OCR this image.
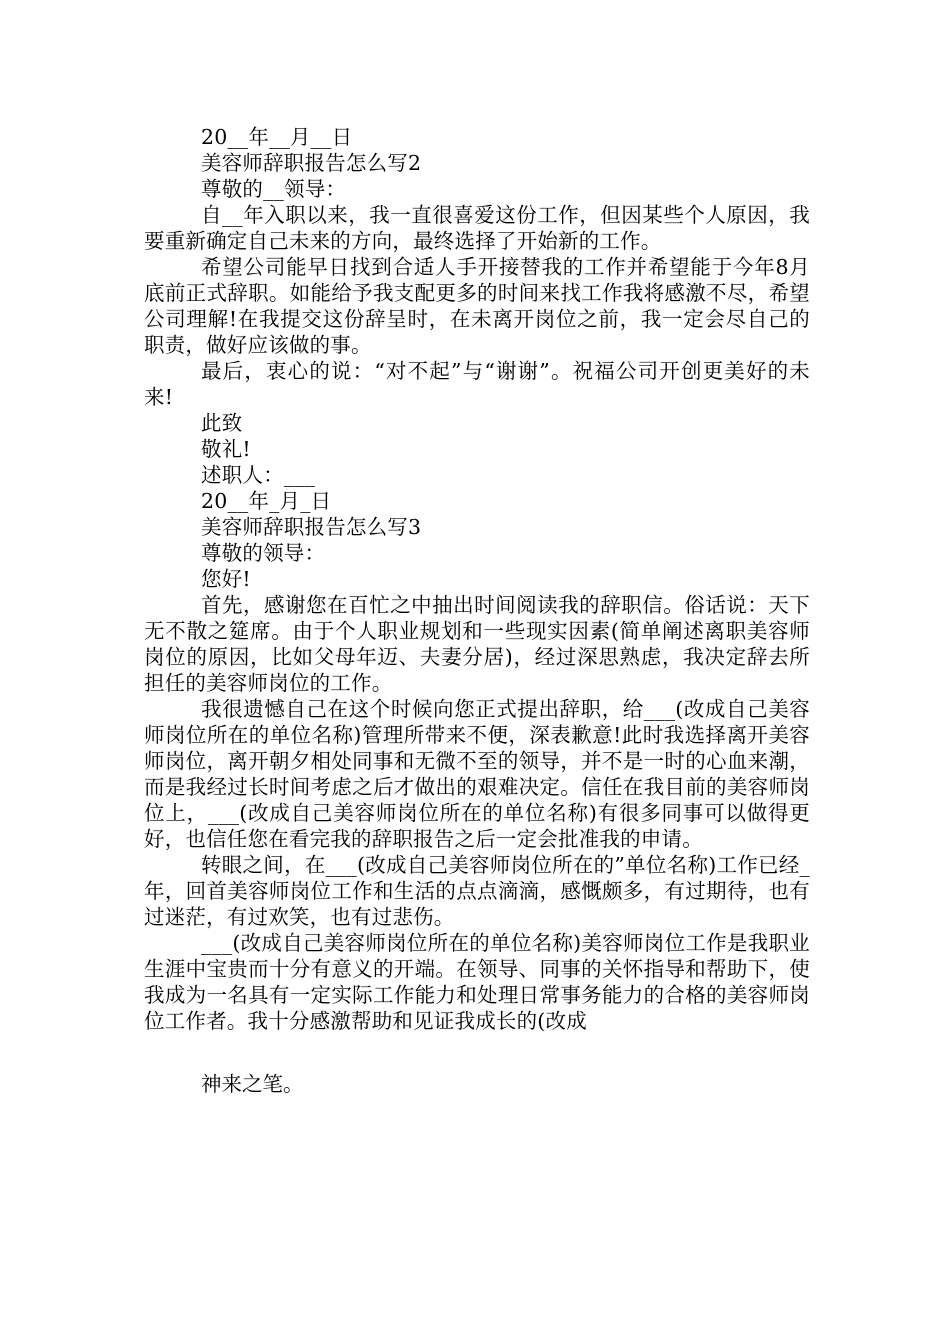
20__年__月__日

美容师辞职报告怎么写2

尊敬的__领导：

自__年入职以来，我一直很喜爱这份工作，但因某些个人原因，我要重新确定自己未来的方向，最终选择了开始新的工作。

希望公司能早日找到合适人手开接替我的工作并希望能于今年8月底前正式辞职。如能给予我支配更多的时间来找工作我将感激不尽，希望公司理解!在我提交这份辞呈时，在未离开岗位之前，我一定会尽自己的职责，做好应该做的事。

最后，衷心的说：“对不起”与“谢谢”。祝福公司开创更美好的未来!

此致

敬礼!

述职人：___

20__年_月_日

美容师辞职报告怎么写3

尊敬的领导：

您好!

首先，感谢您在百忙之中抽出时间阅读我的辞职信。俗话说：天下无不散之筵席。由于个人职业规划和一些现实因素(简单阐述离职美容师岗位的原因，比如父母年迈、夫妻分居)，经过深思熟虑，我决定辞去所担任的美容师岗位的工作。

我很遗憾自己在这个时候向您正式提出辞职，给___(改成自己美容师岗位所在的单位名称)管理所带来不便，深表歉意!此时我选择离开美容师岗位，离开朝夕相处同事和无微不至的领导，并不是一时的心血来潮，而是我经过长时间考虑之后才做出的艰难决定。信任在我目前的美容师岗位上，___(改成自己美容师岗位所在的单位名称)有很多同事可以做得更好，也信任您在看完我的辞职报告之后一定会批准我的申请。

转眼之间，在___(改成自己美容师岗位所在的”单位名称)工作已经_年，回首美容师岗位工作和生活的点点滴滴，感慨颇多，有过期待，也有过迷茫，有过欢笑，也有过悲伤。

___(改成自己美容师岗位所在的单位名称)美容师岗位工作是我职业生涯中宝贵而十分有意义的开端。在领导、同事的关怀指导和帮助下，使我成为一名具有一定实际工作能力和处理日常事务能力的合格的美容师岗位工作者。我十分感激帮助和见证我成长的(改成

神来之笔。
